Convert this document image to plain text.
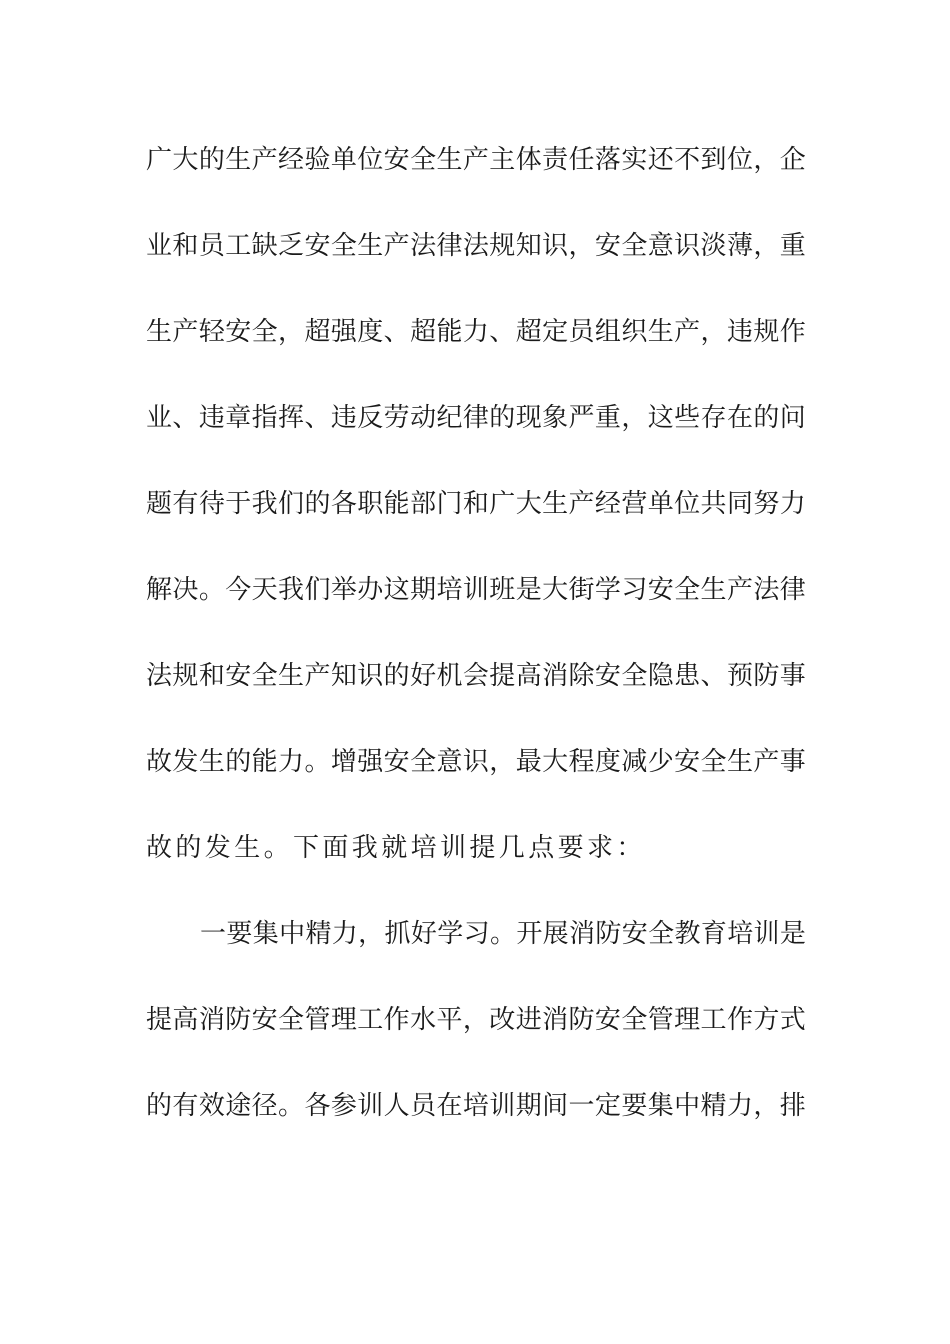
广 大 的 生 产 经 验 单 位 安 全 生 产 主 体 责 任 落 实 还 不 到 位 ， 企
业 和 员 工 缺 乏 安 全 生 产 法 律 法 规 知 识 ， 安 全 意 识 淡 薄 ， 重
生 产 轻 安 全 ， 超 强 度 、 超 能 力 、 超 定 员 组 织 生 产 ， 违 规 作
业 、 违 章 指 挥 、 违 反 劳 动 纪 律 的 现 象 严 重 ， 这 些 存 在 的 问
题 有 待 于 我 们 的 各 职 能 部 门 和 广 大 生 产 经 营 单 位 共 同 努 力
解 决 。 今 天 我 们 举 办 这 期 培 训 班 是 大 街 学 习 安 全 生 产 法 律
法 规 和 安 全 生 产 知 识 的 好 机 会 提 高 消 除 安 全 隐 患 、 预 防 事
故 发 生 的 能 力 。 增 强 安 全 意 识 ， 最 大 程 度 减 少 安 全 生 产 事
故的发生。下面我就培训提几点要求：
一 要 集 中 精 力 ， 抓 好 学 习 。 开 展 消 防 安 全 教 育 培 训 是
提 高 消 防 安 全 管 理 工 作 水 平 ， 改 进 消 防 安 全 管 理 工 作 方 式
的 有 效 途 径 。 各 参 训 人 员 在 培 训 期 间 一 定 要 集 中 精 力 ， 排
